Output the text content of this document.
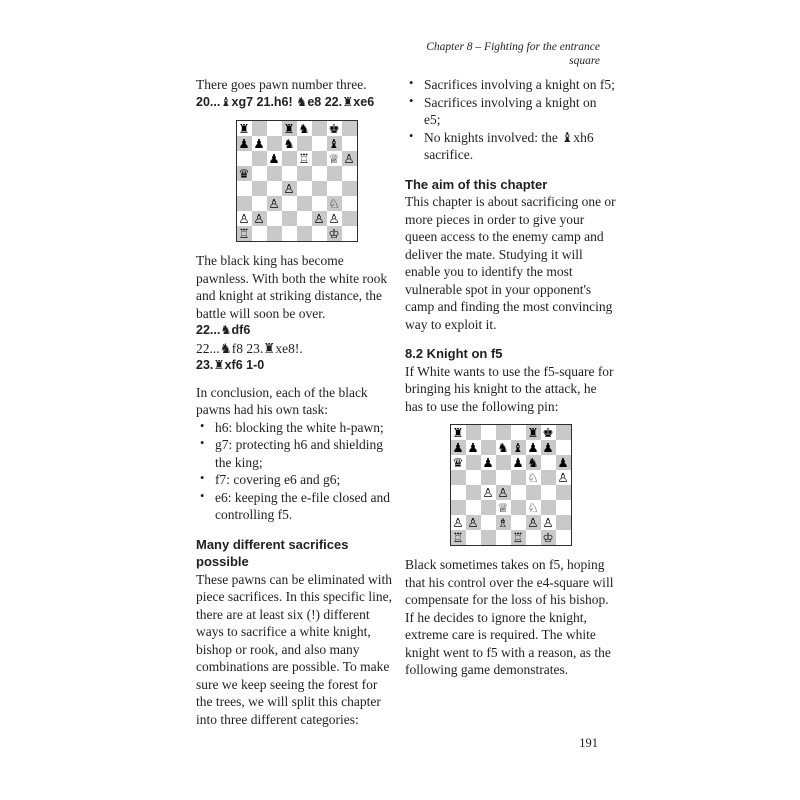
Chapter 8 – Fighting for the entrance square

There goes pawn number three.

20...♝xg7 21.h6! ♞e8 22.♜xe6

♜	♜ ♞ ♚
♟ ♟ ♞	♝
♟ ♖ ♕ ♙
♛
♙
♙	♘
♙ ♙	♙ ♙
♖	♔

The black king has become pawnless. With both the white rook and knight at striking distance, the battle will soon be over.

22...♞df6

22...♞f8 23.♜xe8!.

23.♜xf6 1-0

In conclusion, each of the black pawns had his own task:

• h6: blocking the white h-pawn;
• g7: protecting h6 and shielding the king;
• f7: covering e6 and g6;
• e6: keeping the e-file closed and controlling f5.
Many different sacrifices possible

These pawns can be eliminated with piece sacrifices. In this specific line, there are at least six (!) different ways to sacrifice a white knight, bishop or rook, and also many combinations are possible. To make sure we keep seeing the forest for the trees, we will split this chapter into three different categories:

• Sacrifices involving a knight on f5;
• Sacrifices involving a knight on e5;
• No knights involved: the ♝xh6 sacrifice.
The aim of this chapter

This chapter is about sacrificing one or more pieces in order to give your queen access to the enemy camp and deliver the mate. Studying it will enable you to identify the most vulnerable spot in your opponent's camp and finding the most convincing way to exploit it.

8.2 Knight on f5

If White wants to use the f5-square for bringing his knight to the attack, he has to use the following pin:

♜	♜ ♚
♟ ♟ ♞ ♝ ♟ ♟
♛ ♟ ♟ ♞ ♟
♘ ♙
♙ ♙
♕ ♘
♙ ♙ ♗ ♙ ♙
♖	♖ ♔

Black sometimes takes on f5, hoping that his control over the e4-square will compensate for the loss of his bishop. If he decides to ignore the knight, extreme care is required. The white knight went to f5 with a reason, as the following game demonstrates.

191
